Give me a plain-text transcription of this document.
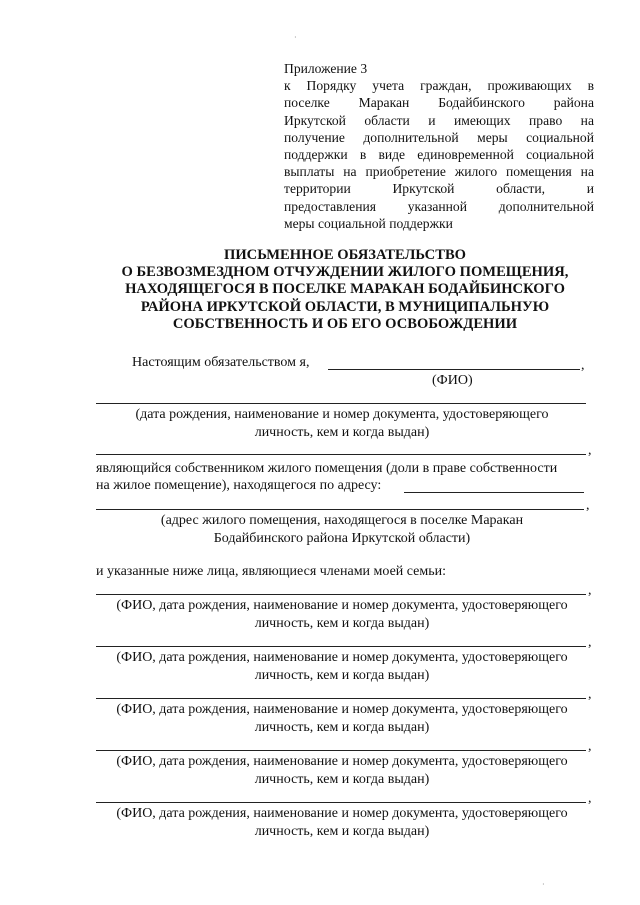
·
·
Приложение 3
к Порядку учета граждан, проживающих в
поселке Маракан Бодайбинского района
Иркутской области и имеющих право на
получение дополнительной меры социальной
поддержки в виде единовременной социальной
выплаты на приобретение жилого помещения на
территории Иркутской области, и
предоставления указанной дополнительной
меры социальной поддержки
ПИСЬМЕННОЕ ОБЯЗАТЕЛЬСТВО
О БЕЗВОЗМЕЗДНОМ ОТЧУЖДЕНИИ ЖИЛОГО ПОМЕЩЕНИЯ,
НАХОДЯЩЕГОСЯ В ПОСЕЛКЕ МАРАКАН БОДАЙБИНСКОГО
РАЙОНА ИРКУТСКОЙ ОБЛАСТИ, В МУНИЦИПАЛЬНУЮ
СОБСТВЕННОСТЬ И ОБ ЕГО ОСВОБОЖДЕНИИ
Настоящим обязательством я,	,
(ФИО)
(дата рождения, наименование и номер документа, удостоверяющего
личность, кем и когда выдан)
,
являющийся собственником жилого помещения (доли в праве собственности
на жилое помещение), находящегося по адресу:
,
(адрес жилого помещения, находящегося в поселке Маракан
Бодайбинского района Иркутской области)
и указанные ниже лица, являющиеся членами моей семьи:
,
(ФИО, дата рождения, наименование и номер документа, удостоверяющего
личность, кем и когда выдан)
,
(ФИО, дата рождения, наименование и номер документа, удостоверяющего
личность, кем и когда выдан)
,
(ФИО, дата рождения, наименование и номер документа, удостоверяющего
личность, кем и когда выдан)
,
(ФИО, дата рождения, наименование и номер документа, удостоверяющего
личность, кем и когда выдан)
,
(ФИО, дата рождения, наименование и номер документа, удостоверяющего
личность, кем и когда выдан)
